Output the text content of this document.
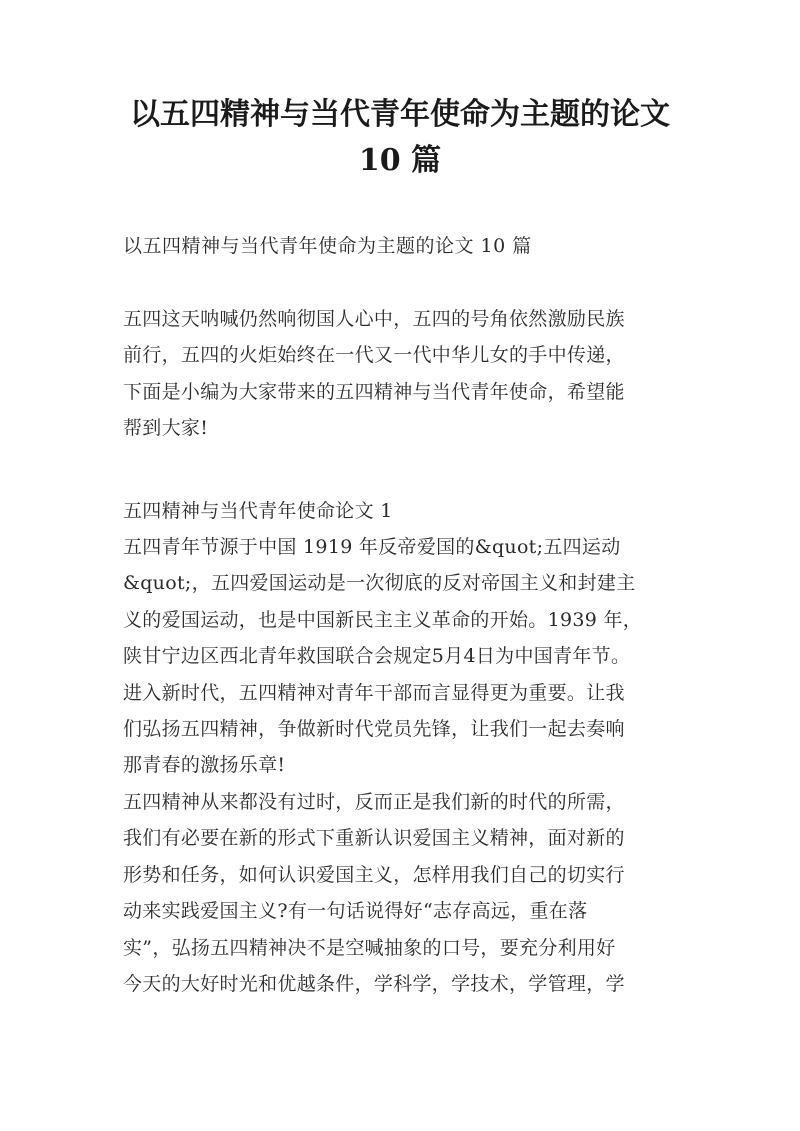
以五四精神与当代青年使命为主题的论文
10 篇
以五四精神与当代青年使命为主题的论文 10 篇

五四这天呐喊仍然响彻国人心中，五四的号角依然激励民族
前行，五四的火炬始终在一代又一代中华儿女的手中传递，
下面是小编为大家带来的五四精神与当代青年使命，希望能
帮到大家!

五四精神与当代青年使命论文 1

五四青年节源于中国 1919 年反帝爱国的&quot;五四运动
&quot;，五四爱国运动是一次彻底的反对帝国主义和封建主
义的爱国运动，也是中国新民主主义革命的开始。1939 年，
陕甘宁边区西北青年救国联合会规定5月4日为中国青年节。
进入新时代，五四精神对青年干部而言显得更为重要。让我
们弘扬五四精神，争做新时代党员先锋，让我们一起去奏响
那青春的激扬乐章!

五四精神从来都没有过时，反而正是我们新的时代的所需，
我们有必要在新的形式下重新认识爱国主义精神，面对新的
形势和任务，如何认识爱国主义，怎样用我们自己的切实行
动来实践爱国主义?有一句话说得好“志存高远，重在落
实”，弘扬五四精神决不是空喊抽象的口号，要充分利用好
今天的大好时光和优越条件，学科学，学技术，学管理，学
